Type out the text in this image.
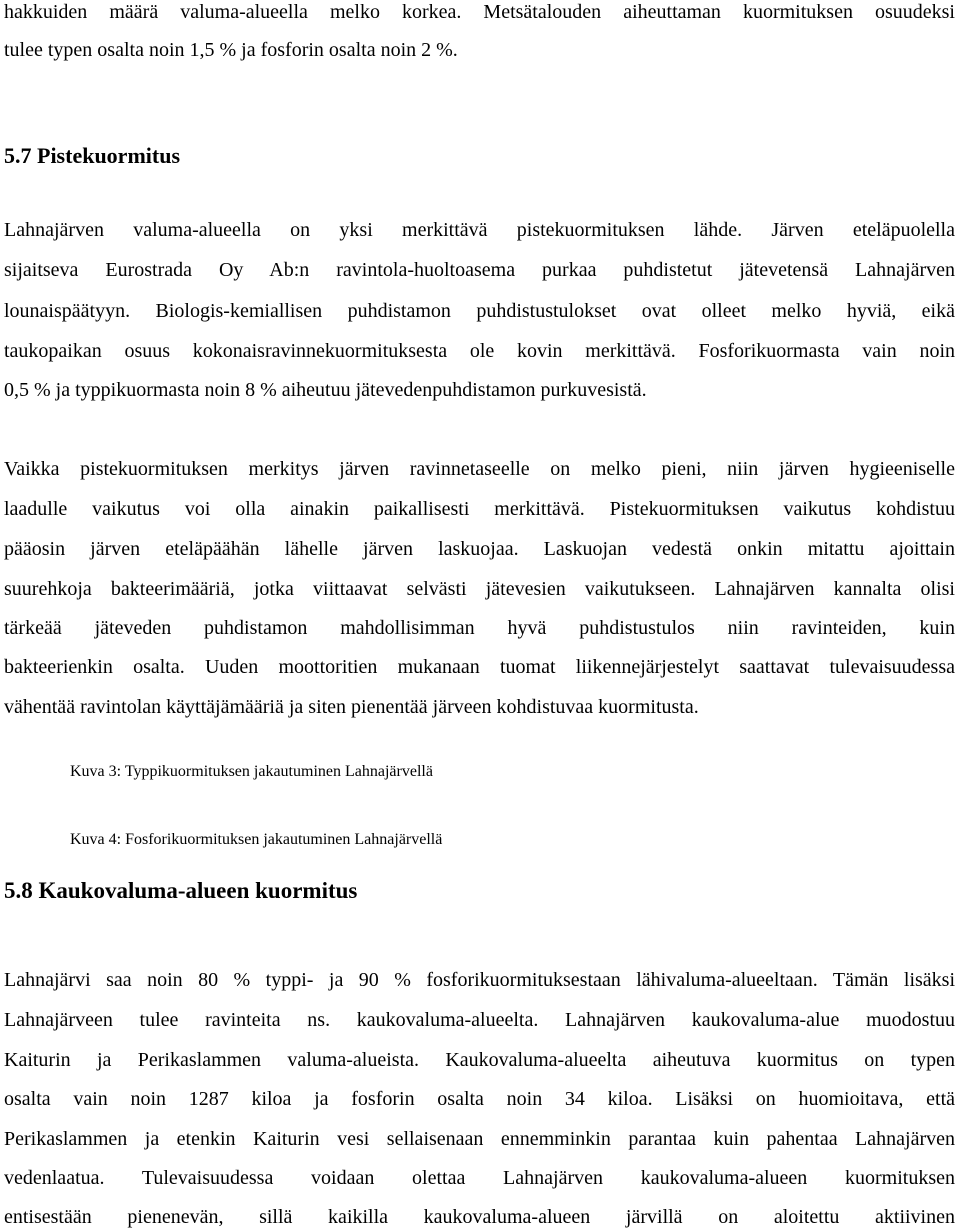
hakkuiden määrä valuma-alueella melko korkea. Metsätalouden aiheuttaman kuormituksen osuudeksi

tulee typen osalta noin 1,5 % ja fosforin osalta noin 2 %.

5.7 Pistekuormitus

Lahnajärven valuma-alueella on yksi merkittävä pistekuormituksen lähde. Järven eteläpuolella

sijaitseva Eurostrada Oy Ab:n ravintola-huoltoasema purkaa puhdistetut jätevetensä Lahnajärven

lounaispäätyyn. Biologis-kemiallisen puhdistamon puhdistustulokset ovat olleet melko hyviä, eikä

taukopaikan osuus kokonaisravinnekuormituksesta ole kovin merkittävä. Fosforikuormasta vain noin

0,5 % ja typpikuormasta noin 8 % aiheutuu jätevedenpuhdistamon purkuvesistä.

Vaikka pistekuormituksen merkitys järven ravinnetaseelle on melko pieni, niin järven hygieeniselle

laadulle vaikutus voi olla ainakin paikallisesti merkittävä. Pistekuormituksen vaikutus kohdistuu

pääosin järven eteläpäähän lähelle järven laskuojaa. Laskuojan vedestä onkin mitattu ajoittain

suurehkoja bakteerimääriä, jotka viittaavat selvästi jätevesien vaikutukseen. Lahnajärven kannalta olisi

tärkeää jäteveden puhdistamon mahdollisimman hyvä puhdistustulos niin ravinteiden, kuin

bakteerienkin osalta. Uuden moottoritien mukanaan tuomat liikennejärjestelyt saattavat tulevaisuudessa

vähentää ravintolan käyttäjämääriä ja siten pienentää järveen kohdistuvaa kuormitusta.

Kuva 3: Typpikuormituksen jakautuminen Lahnajärvellä

Kuva 4: Fosforikuormituksen jakautuminen Lahnajärvellä

5.8 Kaukovaluma-alueen kuormitus

Lahnajärvi saa noin 80 % typpi- ja 90 % fosforikuormituksestaan lähivaluma-alueeltaan. Tämän lisäksi

Lahnajärveen tulee ravinteita ns. kaukovaluma-alueelta. Lahnajärven kaukovaluma-alue muodostuu

Kaiturin ja Perikaslammen valuma-alueista. Kaukovaluma-alueelta aiheutuva kuormitus on typen

osalta vain noin 1287 kiloa ja fosforin osalta noin 34 kiloa. Lisäksi on huomioitava, että

Perikaslammen ja etenkin Kaiturin vesi sellaisenaan ennemminkin parantaa kuin pahentaa Lahnajärven

vedenlaatua. Tulevaisuudessa voidaan olettaa Lahnajärven kaukovaluma-alueen kuormituksen

entisestään pienenevän, sillä kaikilla kaukovaluma-alueen järvillä on aloitettu aktiivinen
